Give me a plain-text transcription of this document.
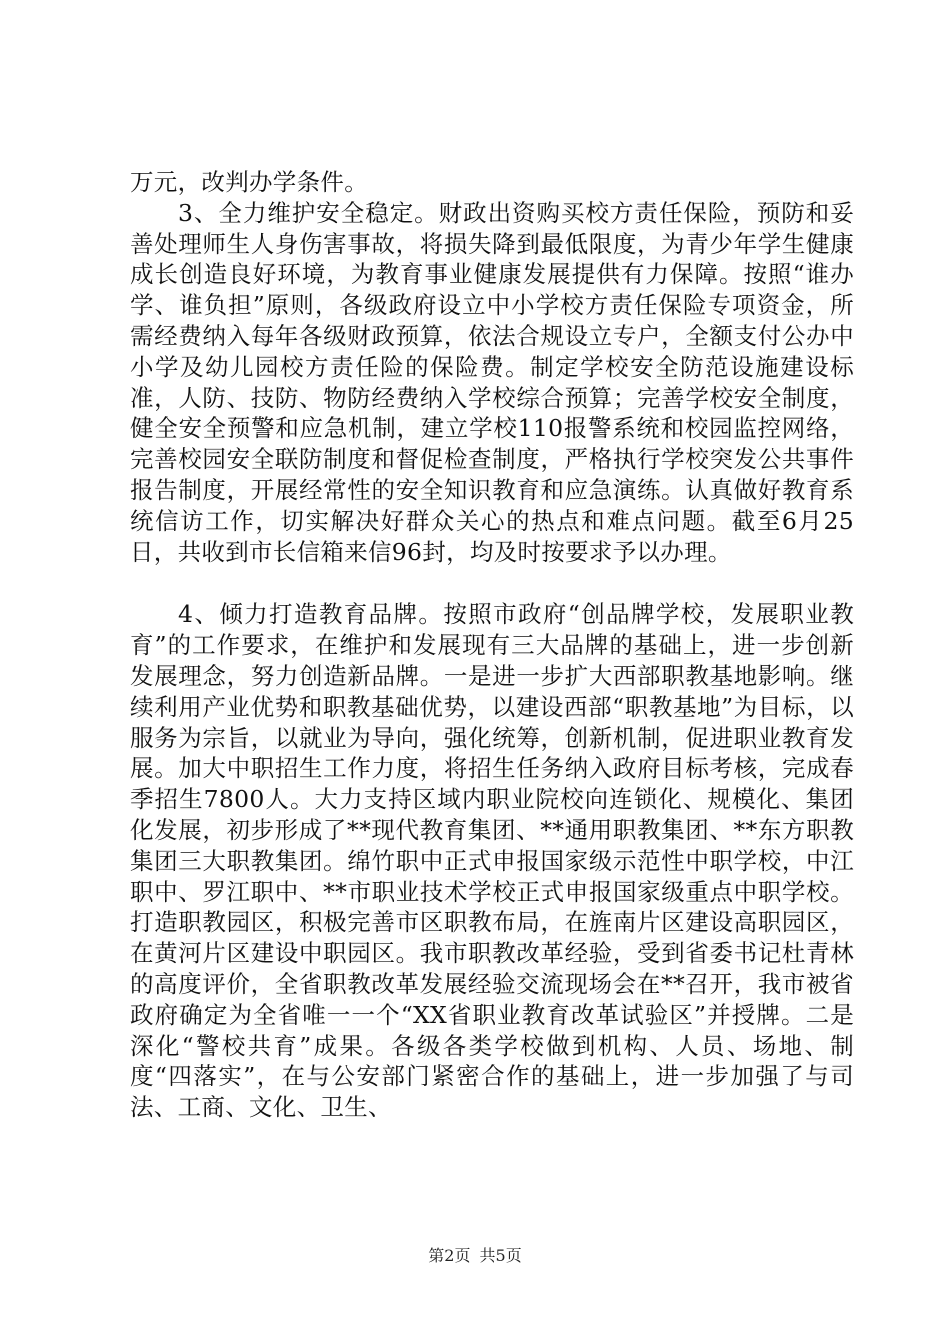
万元，改判办学条件。

3、全力维护安全稳定。财政出资购买校方责任保险，预防和妥善处理师生人身伤害事故，将损失降到最低限度，为青少年学生健康成长创造良好环境，为教育事业健康发展提供有力保障。按照“谁办学、谁负担”原则，各级政府设立中小学校方责任保险专项资金，所需经费纳入每年各级财政预算，依法合规设立专户，全额支付公办中小学及幼儿园校方责任险的保险费。制定学校安全防范设施建设标准，人防、技防、物防经费纳入学校综合预算；完善学校安全制度，健全安全预警和应急机制，建立学校110报警系统和校园监控网络，完善校园安全联防制度和督促检查制度，严格执行学校突发公共事件报告制度，开展经常性的安全知识教育和应急演练。认真做好教育系统信访工作，切实解决好群众关心的热点和难点问题。截至6月25日，共收到市长信箱来信96封，均及时按要求予以办理。

4、倾力打造教育品牌。按照市政府“创品牌学校，发展职业教育”的工作要求，在维护和发展现有三大品牌的基础上，进一步创新发展理念，努力创造新品牌。一是进一步扩大西部职教基地影响。继续利用产业优势和职教基础优势，以建设西部“职教基地”为目标，以服务为宗旨，以就业为导向，强化统筹，创新机制，促进职业教育发展。加大中职招生工作力度，将招生任务纳入政府目标考核，完成春季招生7800人。大力支持区域内职业院校向连锁化、规模化、集团化发展，初步形成了**现代教育集团、**通用职教集团、**东方职教集团三大职教集团。绵竹职中正式申报国家级示范性中职学校，中江职中、罗江职中、**市职业技术学校正式申报国家级重点中职学校。打造职教园区，积极完善市区职教布局，在旌南片区建设高职园区，在黄河片区建设中职园区。我市职教改革经验，受到省委书记杜青林的高度评价，全省职教改革发展经验交流现场会在**召开，我市被省政府确定为全省唯一一个“XX省职业教育改革试验区”并授牌。二是深化“警校共育”成果。各级各类学校做到机构、人员、场地、制度“四落实”，在与公安部门紧密合作的基础上，进一步加强了与司法、工商、文化、卫生、

第2页 共5页
